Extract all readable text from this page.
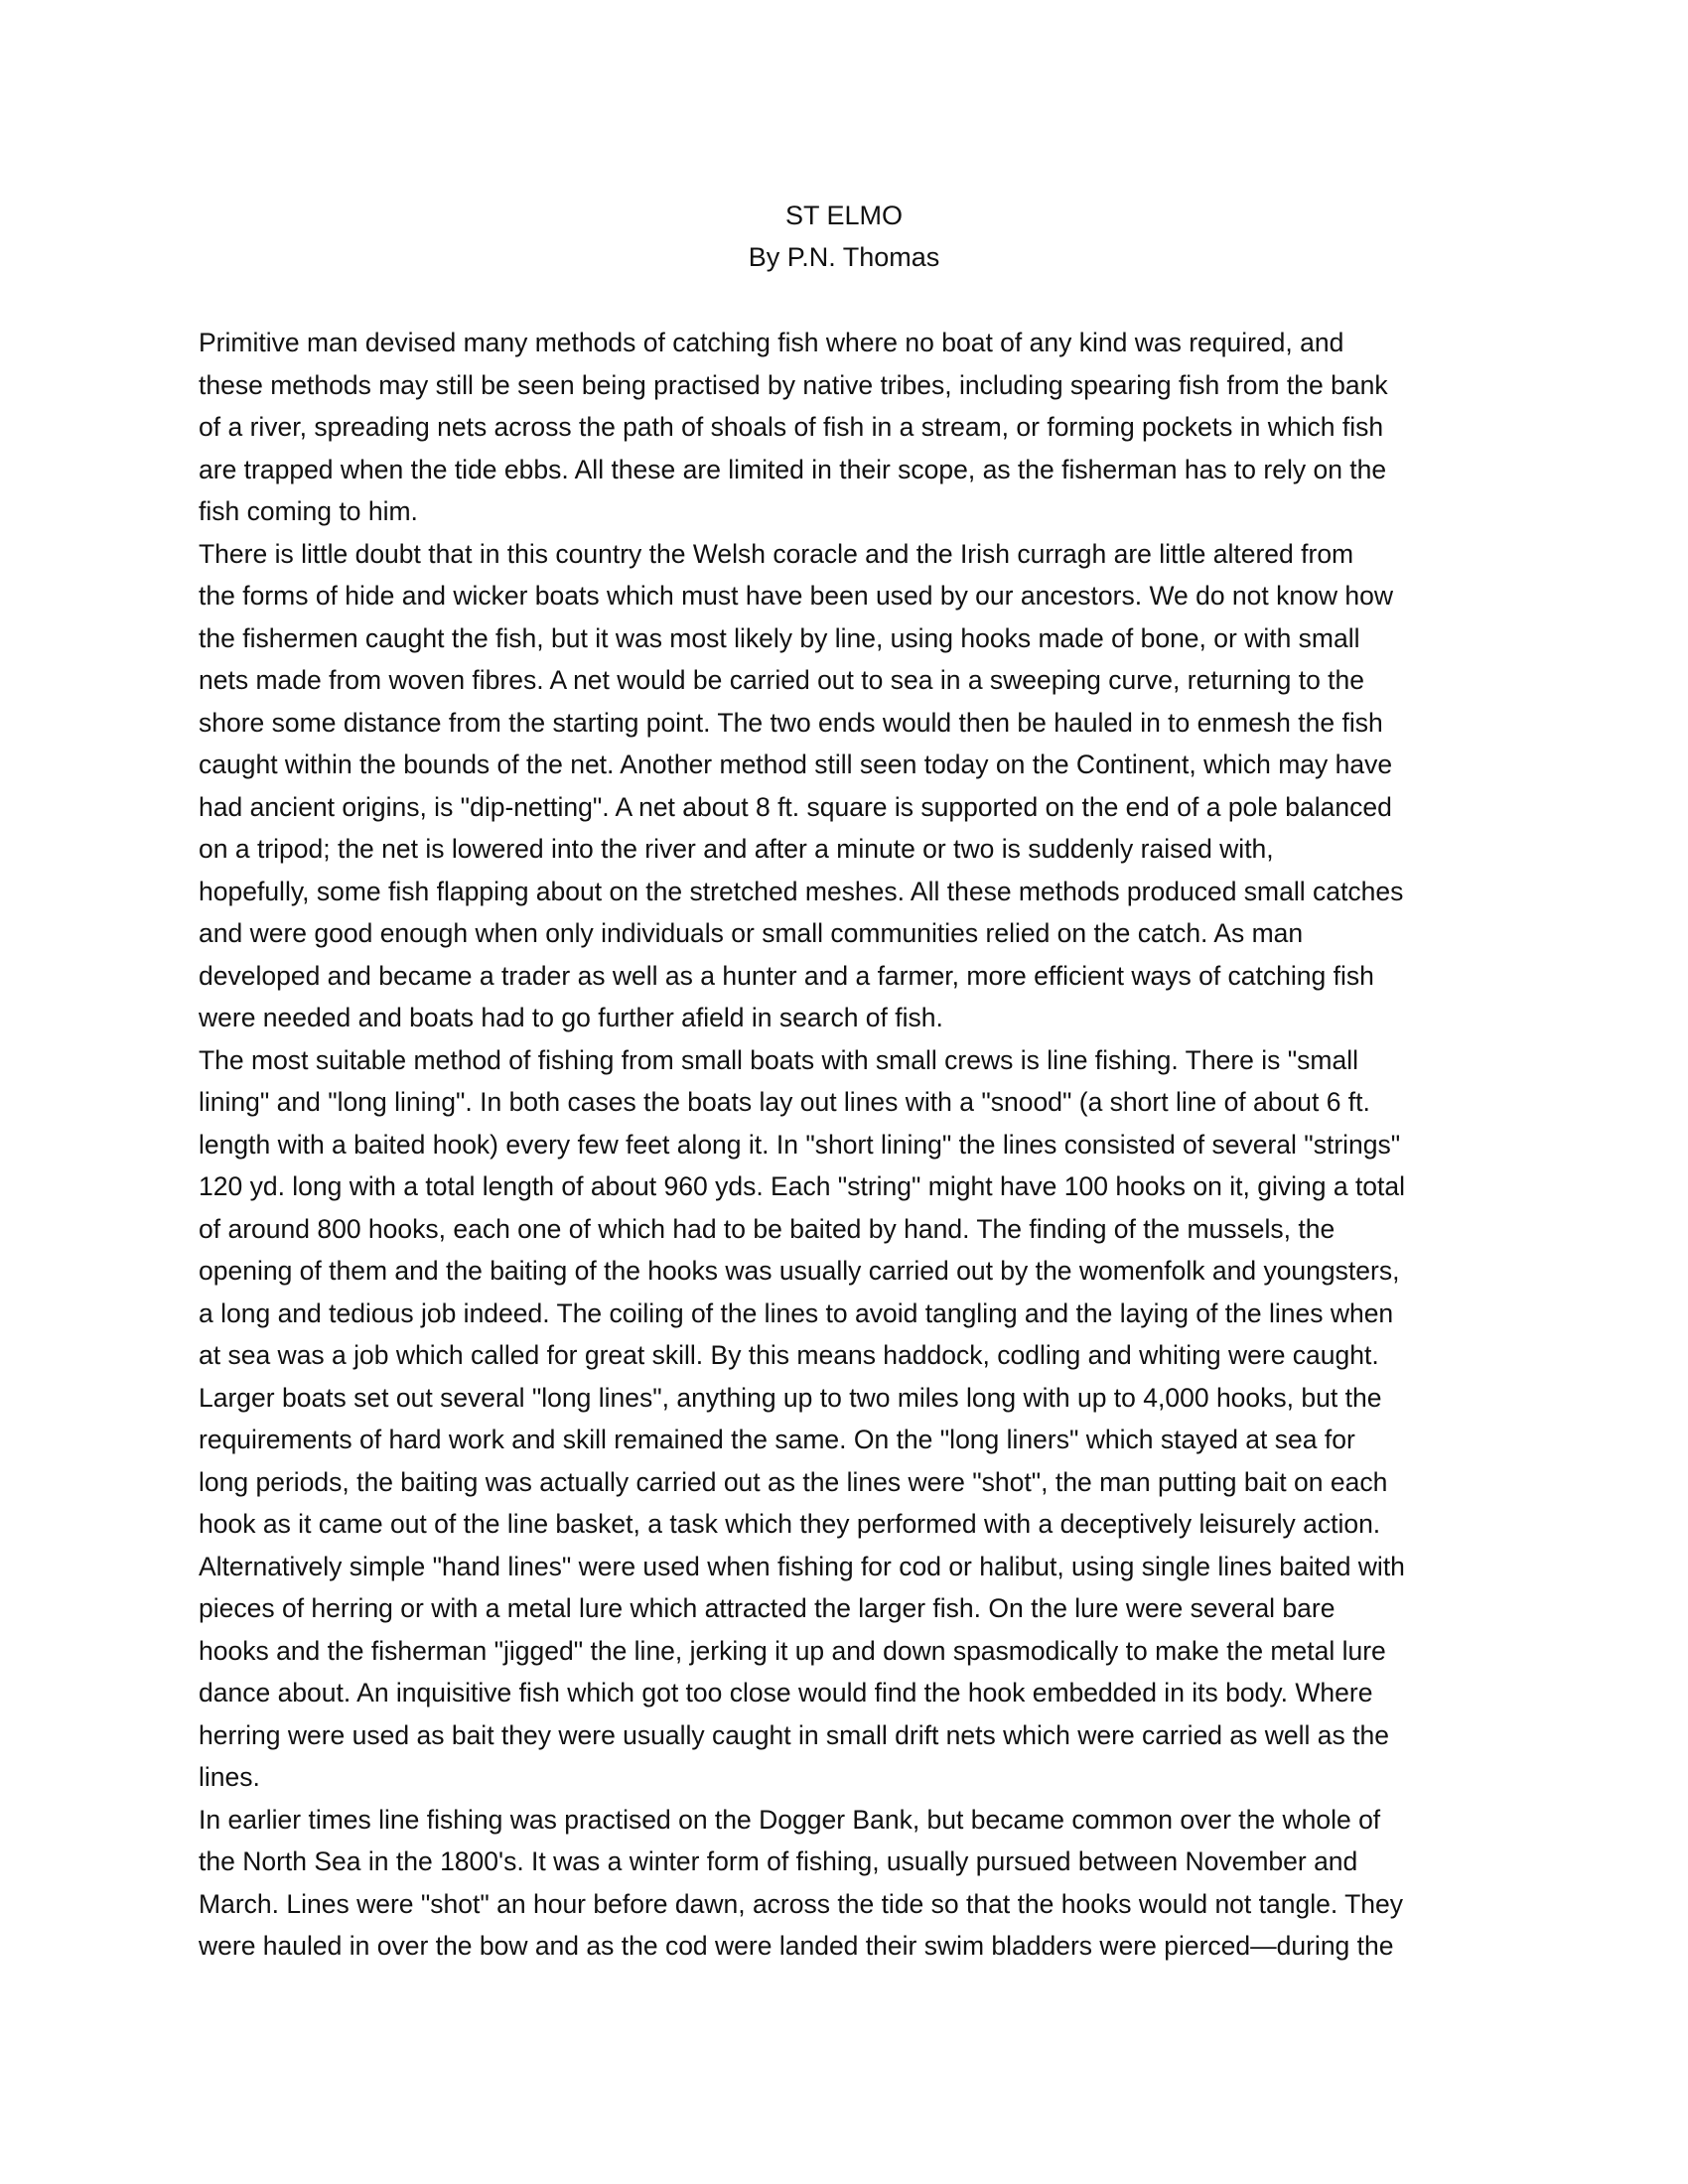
ST ELMO
By P.N. Thomas
Primitive man devised many methods of catching fish where no boat of any kind was required, and
these methods may still be seen being practised by native tribes, including spearing fish from the bank
of a river, spreading nets across the path of shoals of fish in a stream, or forming pockets in which fish
are trapped when the tide ebbs. All these are limited in their scope, as the fisherman has to rely on the
fish coming to him.
There is little doubt that in this country the Welsh coracle and the Irish curragh are little altered from
the forms of hide and wicker boats which must have been used by our ancestors. We do not know how
the fishermen caught the fish, but it was most likely by line, using hooks made of bone, or with small
nets made from woven fibres. A net would be carried out to sea in a sweeping curve, returning to the
shore some distance from the starting point. The two ends would then be hauled in to enmesh the fish
caught within the bounds of the net. Another method still seen today on the Continent, which may have
had ancient origins, is "dip-netting". A net about 8 ft. square is supported on the end of a pole balanced
on a tripod; the net is lowered into the river and after a minute or two is suddenly raised with,
hopefully, some fish flapping about on the stretched meshes. All these methods produced small catches
and were good enough when only individuals or small communities relied on the catch. As man
developed and became a trader as well as a hunter and a farmer, more efficient ways of catching fish
were needed and boats had to go further afield in search of fish.
The most suitable method of fishing from small boats with small crews is line fishing. There is "small
lining" and "long lining". In both cases the boats lay out lines with a "snood" (a short line of about 6 ft.
length with a baited hook) every few feet along it. In "short lining" the lines consisted of several "strings"
120 yd. long with a total length of about 960 yds. Each "string" might have 100 hooks on it, giving a total
of around 800 hooks, each one of which had to be baited by hand. The finding of the mussels, the
opening of them and the baiting of the hooks was usually carried out by the womenfolk and youngsters,
a long and tedious job indeed. The coiling of the lines to avoid tangling and the laying of the lines when
at sea was a job which called for great skill. By this means haddock, codling and whiting were caught.
Larger boats set out several "long lines", anything up to two miles long with up to 4,000 hooks, but the
requirements of hard work and skill remained the same. On the "long liners" which stayed at sea for
long periods, the baiting was actually carried out as the lines were "shot", the man putting bait on each
hook as it came out of the line basket, a task which they performed with a deceptively leisurely action.
Alternatively simple "hand lines" were used when fishing for cod or halibut, using single lines baited with
pieces of herring or with a metal lure which attracted the larger fish. On the lure were several bare
hooks and the fisherman "jigged" the line, jerking it up and down spasmodically to make the metal lure
dance about. An inquisitive fish which got too close would find the hook embedded in its body. Where
herring were used as bait they were usually caught in small drift nets which were carried as well as the
lines.
In earlier times line fishing was practised on the Dogger Bank, but became common over the whole of
the North Sea in the 1800's. It was a winter form of fishing, usually pursued between November and
March. Lines were "shot" an hour before dawn, across the tide so that the hooks would not tangle. They
were hauled in over the bow and as the cod were landed their swim bladders were pierced—during the
